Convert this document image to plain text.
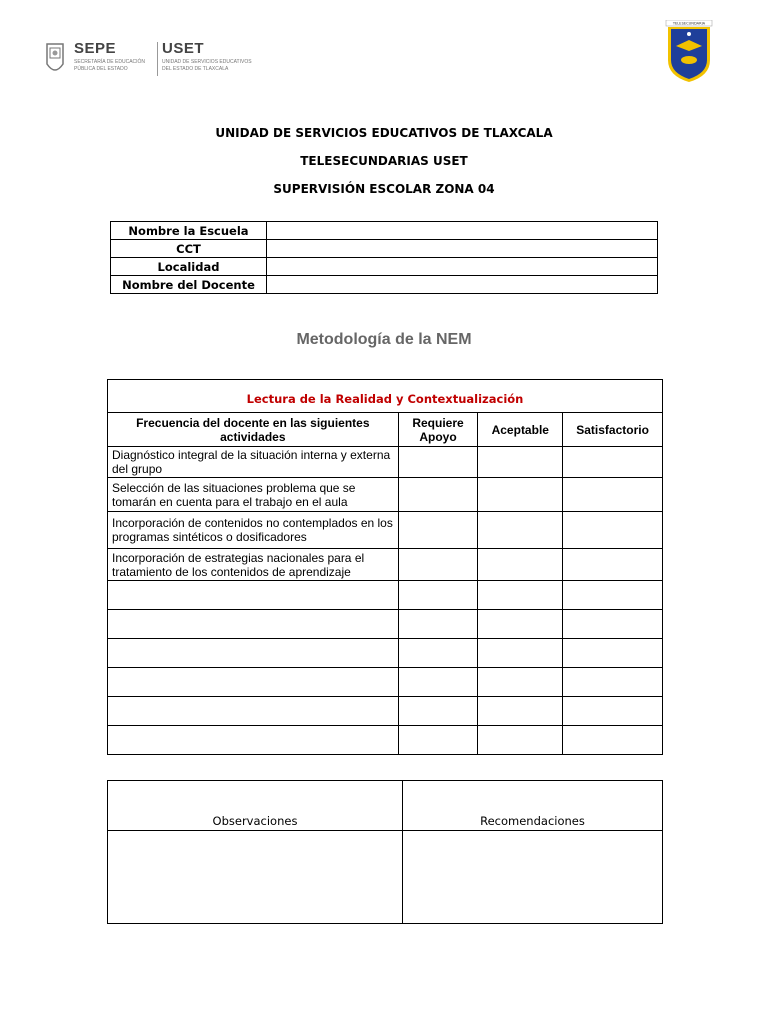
SEPE
SECRETARÍA DE EDUCACIÓN
PÚBLICA DEL ESTADO
USET
UNIDAD DE SERVICIOS EDUCATIVOS
DEL ESTADO DE TLAXCALA
TELESECUNDARIA
UNIDAD DE SERVICIOS EDUCATIVOS DE TLAXCALA
TELESECUNDARIAS USET
SUPERVISIÓN ESCOLAR ZONA 04
Nombre la Escuela	
CCT	
Localidad	
Nombre del Docente	
Metodología de la NEM
Lectura de la Realidad y Contextualización			
Frecuencia del docente en las siguientes actividades	Requiere Apoyo	Aceptable	Satisfactorio
Diagnóstico integral de la situación interna y externa del grupo			
Selección de las situaciones problema que se tomarán en cuenta para el trabajo en el aula			
Incorporación de contenidos no contemplados en los programas sintéticos o dosificadores			
Incorporación de estrategias nacionales para el tratamiento de los contenidos de aprendizaje			

Observaciones	Recomendaciones
